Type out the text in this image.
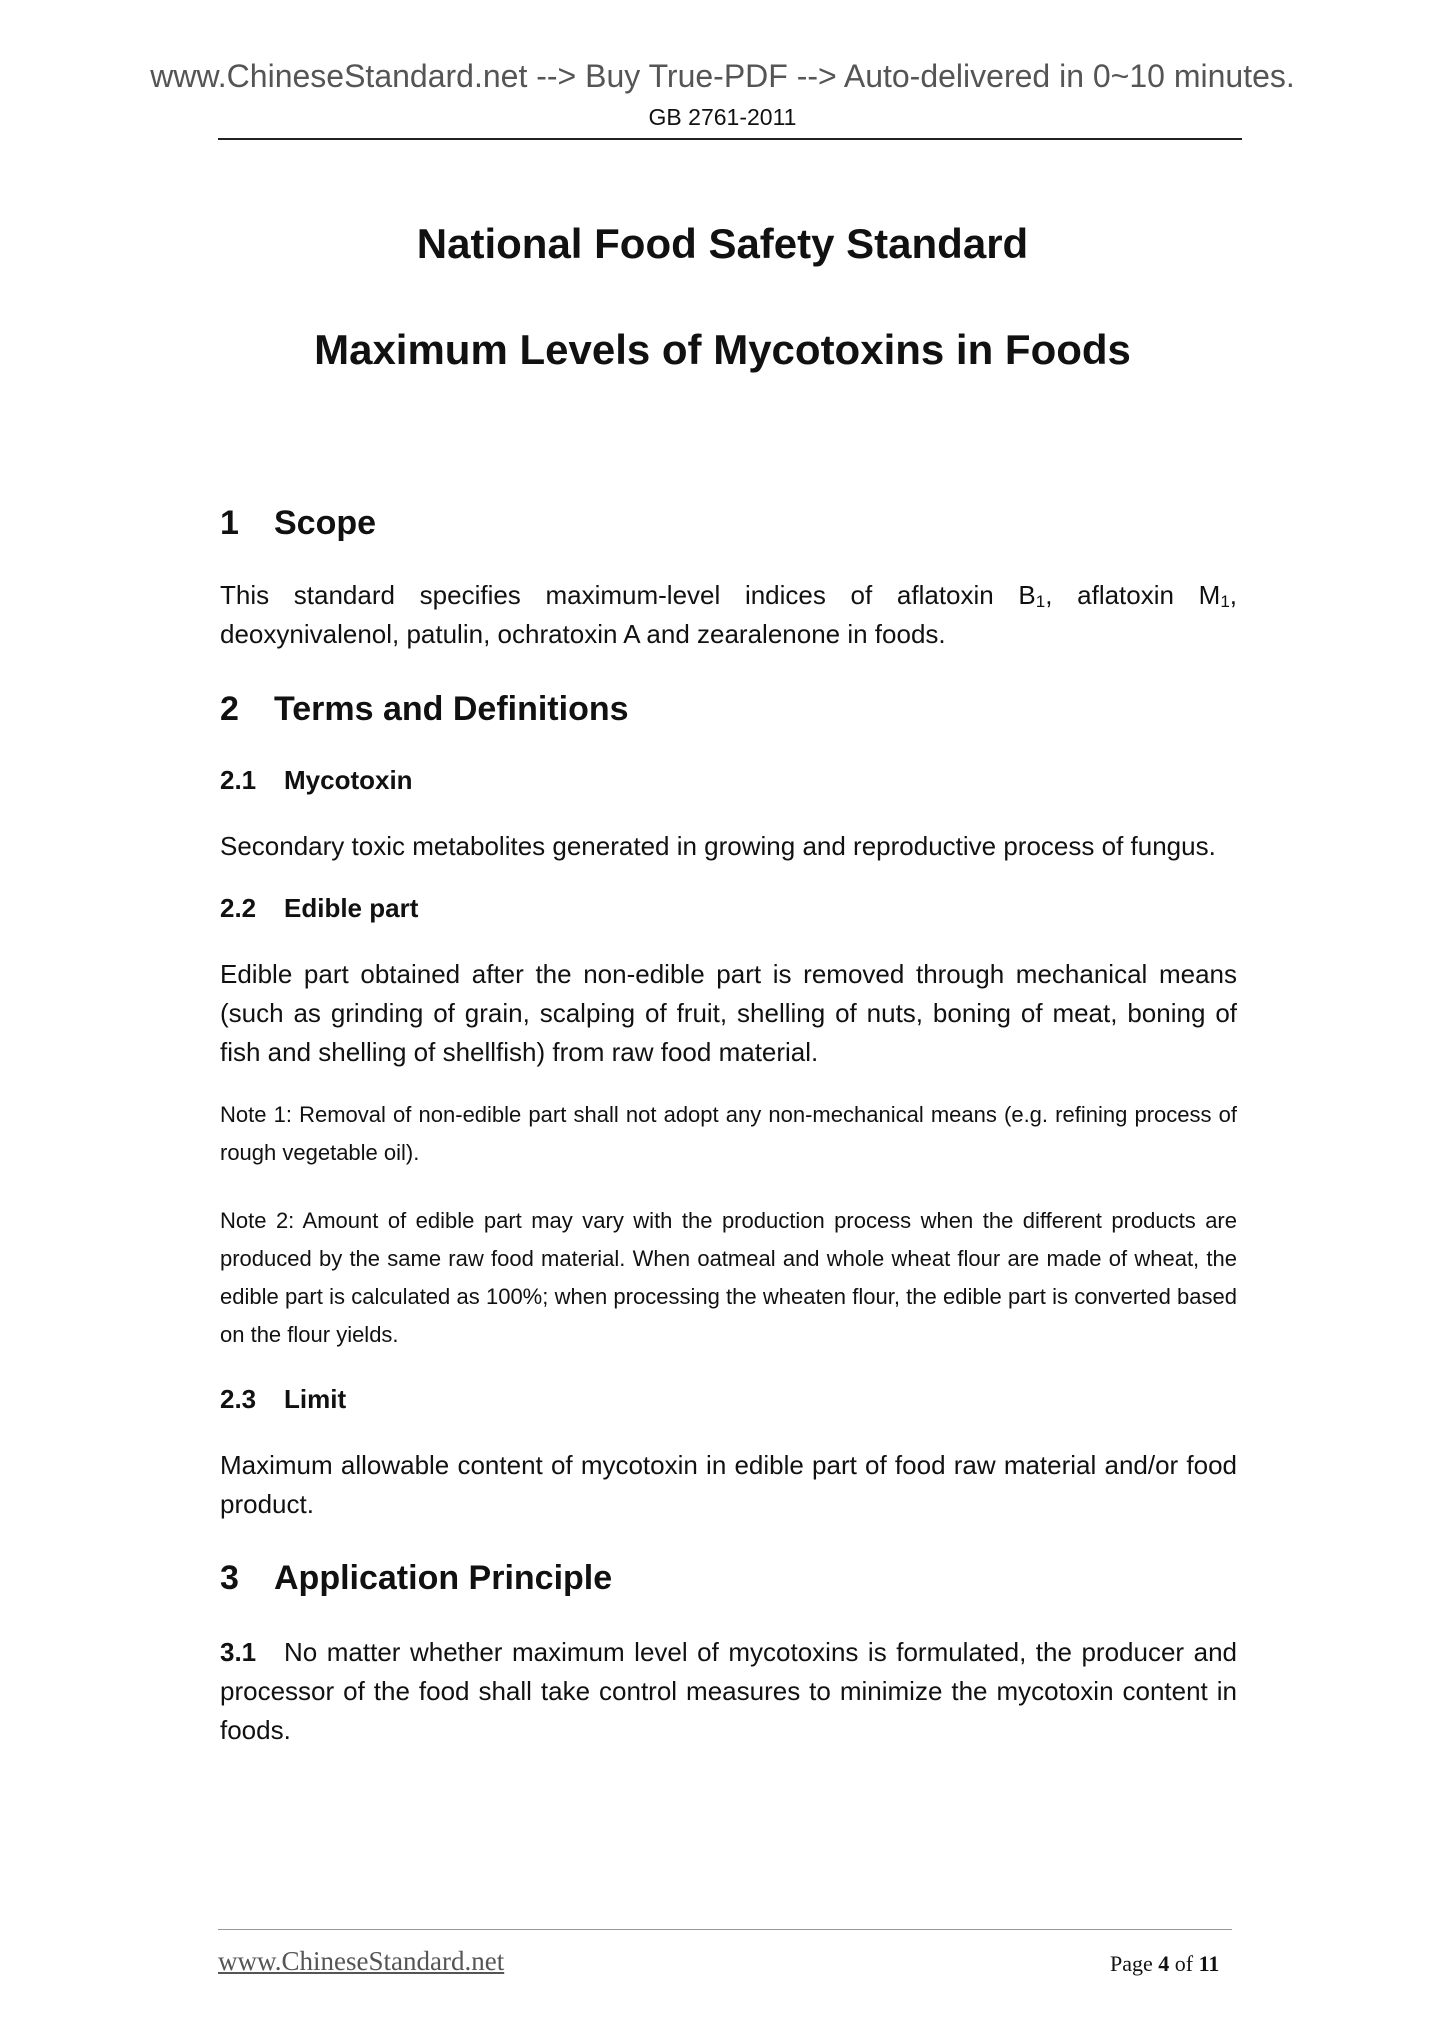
www.ChineseStandard.net --> Buy True-PDF --> Auto-delivered in 0~10 minutes.
GB 2761-2011
National Food Safety Standard
Maximum Levels of Mycotoxins in Foods
1 Scope

This standard specifies maximum-level indices of aflatoxin $B_1$, aflatoxin $M_1$, deoxynivalenol, patulin, ochratoxin A and zearalenone in foods.

2 Terms and Definitions
2.1 Mycotoxin

Secondary toxic metabolites generated in growing and reproductive process of fungus.

2.2 Edible part

Edible part obtained after the non-edible part is removed through mechanical means (such as grinding of grain, scalping of fruit, shelling of nuts, boning of meat, boning of fish and shelling of shellfish) from raw food material.

Note 1: Removal of non-edible part shall not adopt any non-mechanical means (e.g. refining process of rough vegetable oil).

Note 2: Amount of edible part may vary with the production process when the different products are produced by the same raw food material. When oatmeal and whole wheat flour are made of wheat, the edible part is calculated as 100%; when processing the wheaten flour, the edible part is converted based on the flour yields.

2.3 Limit

Maximum allowable content of mycotoxin in edible part of food raw material and/or food product.

3 Application Principle

3.1 No matter whether maximum level of mycotoxins is formulated, the producer and processor of the food shall take control measures to minimize the mycotoxin content in foods.

www.ChineseStandard.net	Page 4 of 11
